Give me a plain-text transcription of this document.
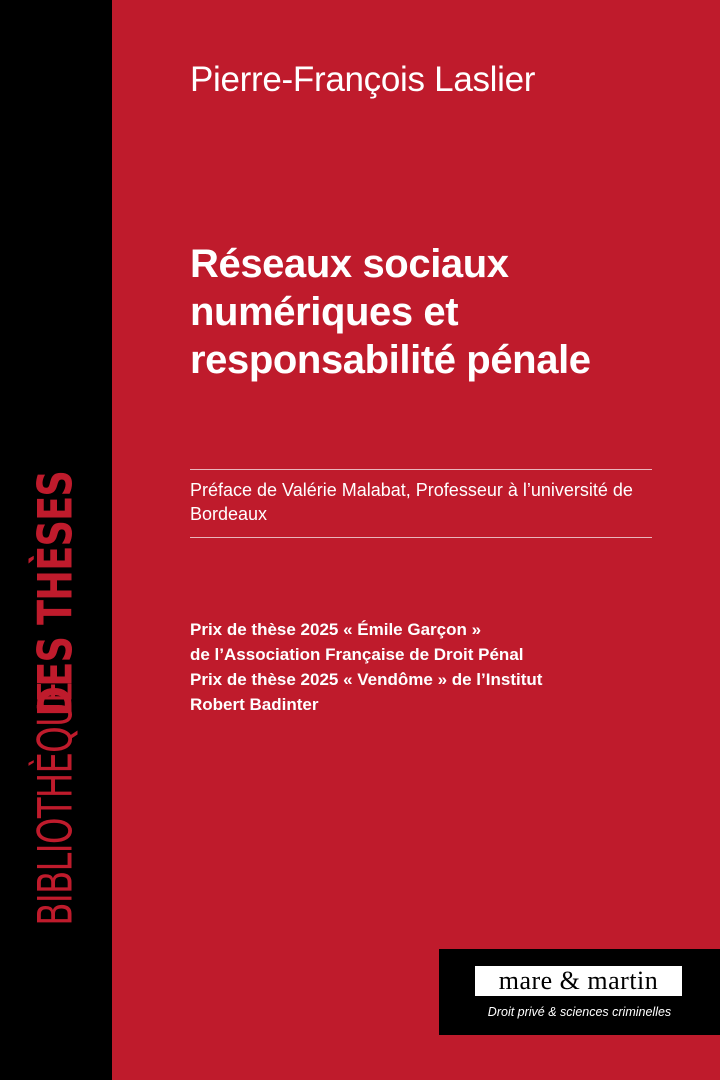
BIBLIOTHÈQUEDES THÈSES
Pierre-François Laslier
Réseaux sociaux
numériques et
responsabilité pénale
Préface de Valérie Malabat, Professeur à l’université de Bordeaux
Prix de thèse 2025 « Émile Garçon »
de l’Association Française de Droit Pénal
Prix de thèse 2025 « Vendôme » de l’Institut
Robert Badinter
mare & martin
Droit privé & sciences criminelles
